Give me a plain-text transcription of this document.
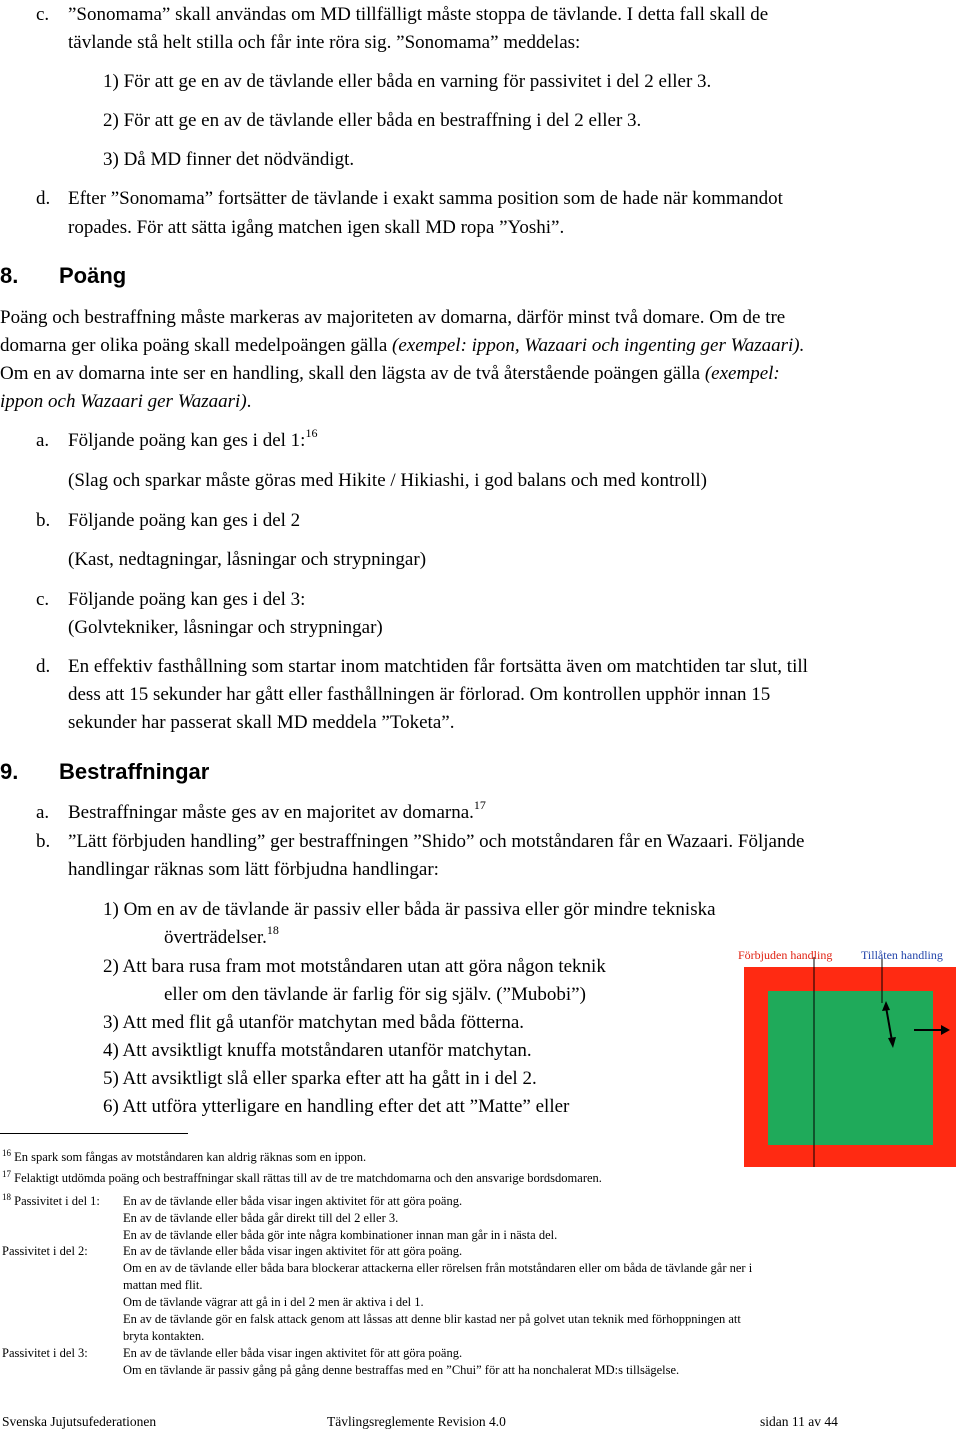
c. ”Sonomama” skall användas om MD tillfälligt måste stoppa de tävlande. I detta fall skall de
tävlande stå helt stilla och får inte röra sig. ”Sonomama” meddelas:
1) För att ge en av de tävlande eller båda en varning för passivitet i del 2 eller 3.
2) För att ge en av de tävlande eller båda en bestraffning i del 2 eller 3.
3) Då MD finner det nödvändigt.
d. Efter ”Sonomama” fortsätter de tävlande i exakt samma position som de hade när kommandot
ropades. För att sätta igång matchen igen skall MD ropa ”Yoshi”.
8. Poäng
Poäng och bestraffning måste markeras av majoriteten av domarna, därför minst två domare. Om de tre
domarna ger olika poäng skall medelpoängen gälla (exempel: ippon, Wazaari och ingenting ger Wazaari).
Om en av domarna inte ser en handling, skall den lägsta av de två återstående poängen gälla (exempel:
ippon och Wazaari ger Wazaari).
a. Följande poäng kan ges i del 1:$^{16}$
(Slag och sparkar måste göras med Hikite / Hikiashi, i god balans och med kontroll)
b. Följande poäng kan ges i del 2
(Kast, nedtagningar, låsningar och strypningar)
c. Följande poäng kan ges i del 3:
(Golvtekniker, låsningar och strypningar)
d. En effektiv fasthållning som startar inom matchtiden får fortsätta även om matchtiden tar slut, till
dess att 15 sekunder har gått eller fasthållningen är förlorad. Om kontrollen upphör innan 15
sekunder har passerat skall MD meddela ”Toketa”.
9. Bestraffningar
a. Bestraffningar måste ges av en majoritet av domarna.$^{17}$
b. ”Lätt förbjuden handling” ger bestraffningen ”Shido” och motståndaren får en Wazaari. Följande
handlingar räknas som lätt förbjudna handlingar:
1) Om en av de tävlande är passiv eller båda är passiva eller gör mindre tekniska
överträdelser.$^{18}$
2) Att bara rusa fram mot motståndaren utan att göra någon teknik
eller om den tävlande är farlig för sig själv. (”Mubobi”)
3) Att med flit gå utanför matchytan med båda fötterna.
4) Att avsiktligt knuffa motståndaren utanför matchytan.
5) Att avsiktligt slå eller sparka efter att ha gått in i del 2.
6) Att utföra ytterligare en handling efter det att ”Matte” eller
Förbjuden handling Tillåten handling
$^{16}$ En spark som fångas av motståndaren kan aldrig räknas som en ippon.
$^{17}$ Felaktigt utdömda poäng och bestraffningar skall rättas till av de tre matchdomarna och den ansvarige bordsdomaren.
$^{18}$ Passivitet i del 1: En av de tävlande eller båda visar ingen aktivitet för att göra poäng.
En av de tävlande eller båda går direkt till del 2 eller 3.
En av de tävlande eller båda gör inte några kombinationer innan man går in i nästa del.
Passivitet i del 2:	En av de tävlande eller båda visar ingen aktivitet för att göra poäng.
Om en av de tävlande eller båda bara blockerar attackerna eller rörelsen från motståndaren eller om båda de tävlande går ner i
mattan med flit.
Om de tävlande vägrar att gå in i del 2 men är aktiva i del 1.
En av de tävlande gör en falsk attack genom att låssas att denne blir kastad ner på golvet utan teknik med förhoppningen att
bryta kontakten.
Passivitet i del 3:	En av de tävlande eller båda visar ingen aktivitet för att göra poäng.
Om en tävlande är passiv gång på gång denne bestraffas med en ”Chui” för att ha nonchalerat MD:s tillsägelse.
Svenska Jujutsufederationen	Tävlingsreglemente Revision 4.0	sidan 11 av 44
